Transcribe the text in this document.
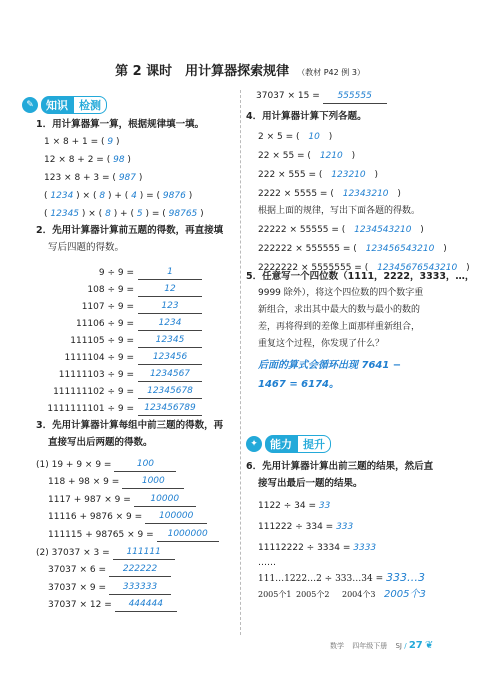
第 2 课时　用计算器探索规律 （教材 P42 例 3）
✎	知识	检测
1．用计算器算一算，根据规律填一填。
1 × 8 + 1 = ( 9 )
12 × 8 + 2 = ( 98 )
123 × 8 + 3 = ( 987 )
( 1234 ) × ( 8 ) + ( 4 ) = ( 9876 )
( 12345 ) × ( 8 ) + ( 5 ) = ( 98765 )
2．先用计算器计算前五题的得数，再直接填
写后四题的得数。
9 ÷ 9 =	1
108 ÷ 9 =	12
1107 ÷ 9 =	123
11106 ÷ 9 =	1234
111105 ÷ 9 =	12345
1111104 ÷ 9 =	123456
11111103 ÷ 9 =	1234567
111111102 ÷ 9 =	12345678
1111111101 ÷ 9 =	123456789
3．先用计算器计算每组中前三题的得数，再
直接写出后两题的得数。
(1) 19 + 9 × 9 =	100
118 + 98 × 9 =	1000
1117 + 987 × 9 =	10000
11116 + 9876 × 9 =	100000
111115 + 98765 × 9 =	1000000
(2) 37037 × 3 =	111111
37037 × 6 =	222222
37037 × 9 =	333333
37037 × 12 =	444444
37037 × 15 = 555555
4．用计算器计算下列各题。
2 × 5 = ( 10 )
22 × 55 = ( 1210 )
222 × 555 = ( 123210 )
2222 × 5555 = ( 12343210 )
根据上面的规律，写出下面各题的得数。
22222 × 55555 = ( 1234543210 )
222222 × 555555 = ( 123456543210 )
2222222 × 5555555 = ( 12345676543210 )
5．任意写一个四位数（1111，2222，3333，…，
9999 除外），将这个四位数的四个数字重
新组合，求出其中最大的数与最小的数的
差，再将得到的差像上面那样重新组合，
重复这个过程，你发现了什么？
后面的算式会循环出现 7641 −
1467 = 6174。
✦	能力	提升
6．先用计算器计算出前三题的结果，然后直
接写出最后一题的结果。
1122 ÷ 34 = 33
111222 ÷ 334 = 333
11112222 ÷ 3334 = 3333
……
111…1222…2 ÷ 333…34 = 333…3
2005个1 2005个2 2004个3 2005个3
数学 四年级下册 SJ / 27 ❦
